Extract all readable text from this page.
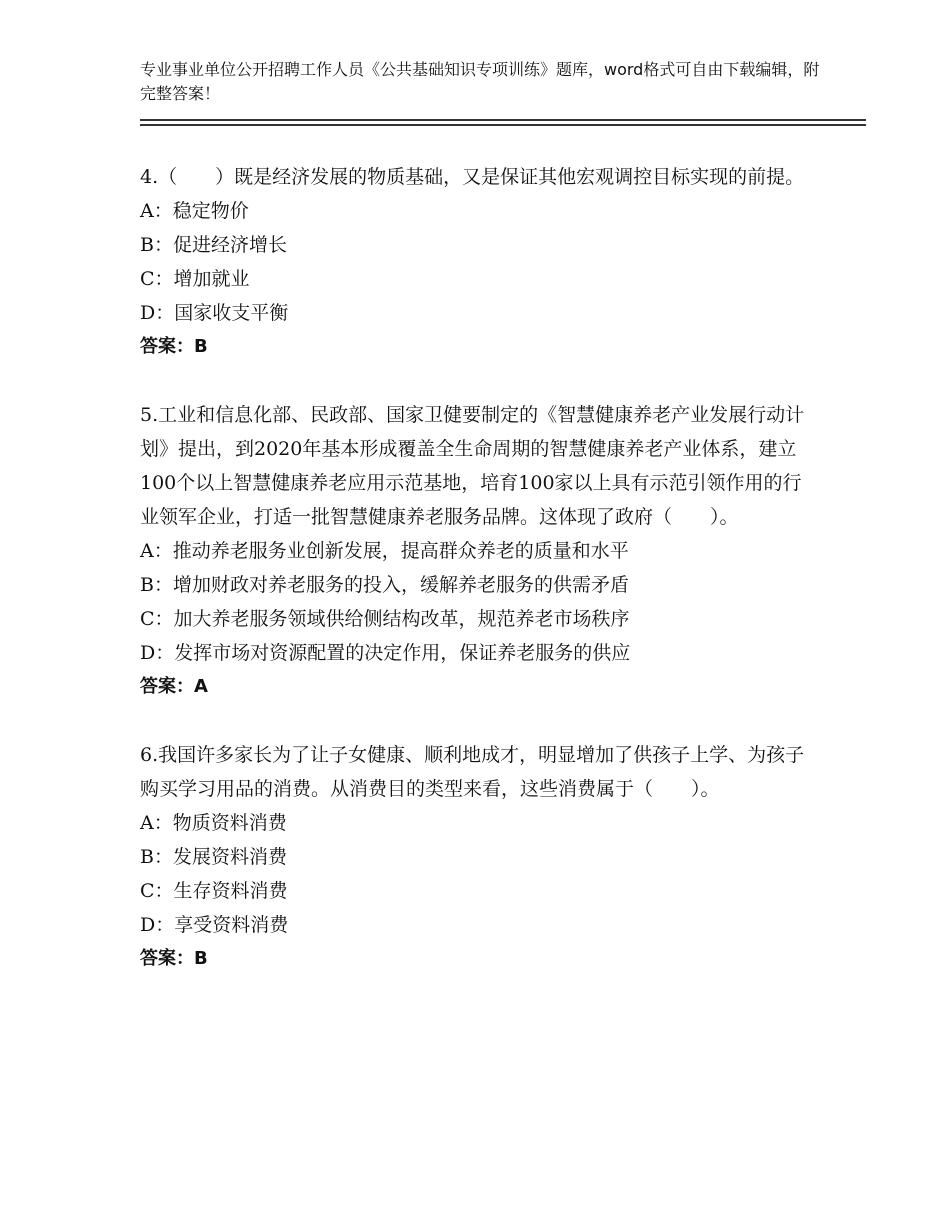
专业事业单位公开招聘工作人员《公共基础知识专项训练》题库，word格式可自由下载编辑，附完整答案！

4.（　　）既是经济发展的物质基础，又是保证其他宏观调控目标实现的前提。

A：稳定物价

B：促进经济增长

C：增加就业

D：国家收支平衡

答案：B

5.工业和信息化部、民政部、国家卫健要制定的《智慧健康养老产业发展行动计划》提出，到2020年基本形成覆盖全生命周期的智慧健康养老产业体系，建立100个以上智慧健康养老应用示范基地，培育100家以上具有示范引领作用的行业领军企业，打适一批智慧健康养老服务品牌。这体现了政府（　　）。

A：推动养老服务业创新发展，提高群众养老的质量和水平

B：增加财政对养老服务的投入，缓解养老服务的供需矛盾

C：加大养老服务领域供给侧结构改革，规范养老市场秩序

D：发挥市场对资源配置的决定作用，保证养老服务的供应

答案：A

6.我国许多家长为了让子女健康、顺利地成才，明显增加了供孩子上学、为孩子购买学习用品的消费。从消费目的类型来看，这些消费属于（　　）。

A：物质资料消费

B：发展资料消费

C：生存资料消费

D：享受资料消费

答案：B
